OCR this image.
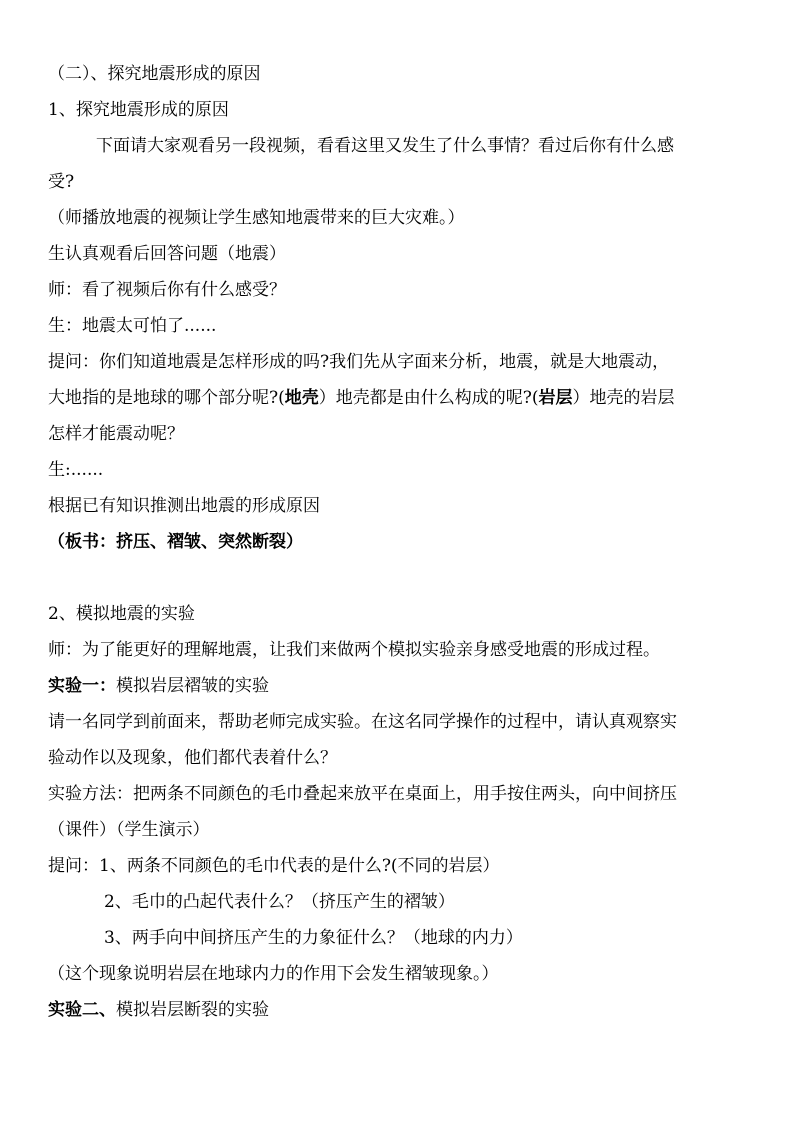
（二）、探究地震形成的原因
1、探究地震形成的原因
下面请大家观看另一段视频，看看这里又发生了什么事情？看过后你有什么感
受?
（师播放地震的视频让学生感知地震带来的巨大灾难。）
生认真观看后回答问题（地震）
师：看了视频后你有什么感受？
生：地震太可怕了......
提问：你们知道地震是怎样形成的吗?我们先从字面来分析，地震，就是大地震动，
大地指的是地球的哪个部分呢?(地壳）地壳都是由什么构成的呢?(岩层）地壳的岩层
怎样才能震动呢？
生:......
根据已有知识推测出地震的形成原因
（板书：挤压、褶皱、突然断裂）
2、模拟地震的实验
师：为了能更好的理解地震，让我们来做两个模拟实验亲身感受地震的形成过程。
实验一：模拟岩层褶皱的实验
请一名同学到前面来，帮助老师完成实验。在这名同学操作的过程中，请认真观察实
验动作以及现象，他们都代表着什么？
实验方法：把两条不同颜色的毛巾叠起来放平在桌面上，用手按住两头，向中间挤压
（课件）（学生演示）
提问：1、两条不同颜色的毛巾代表的是什么?(不同的岩层）
2、毛巾的凸起代表什么？（挤压产生的褶皱）
3、两手向中间挤压产生的力象征什么？（地球的内力）
（这个现象说明岩层在地球内力的作用下会发生褶皱现象。）
实验二、模拟岩层断裂的实验
